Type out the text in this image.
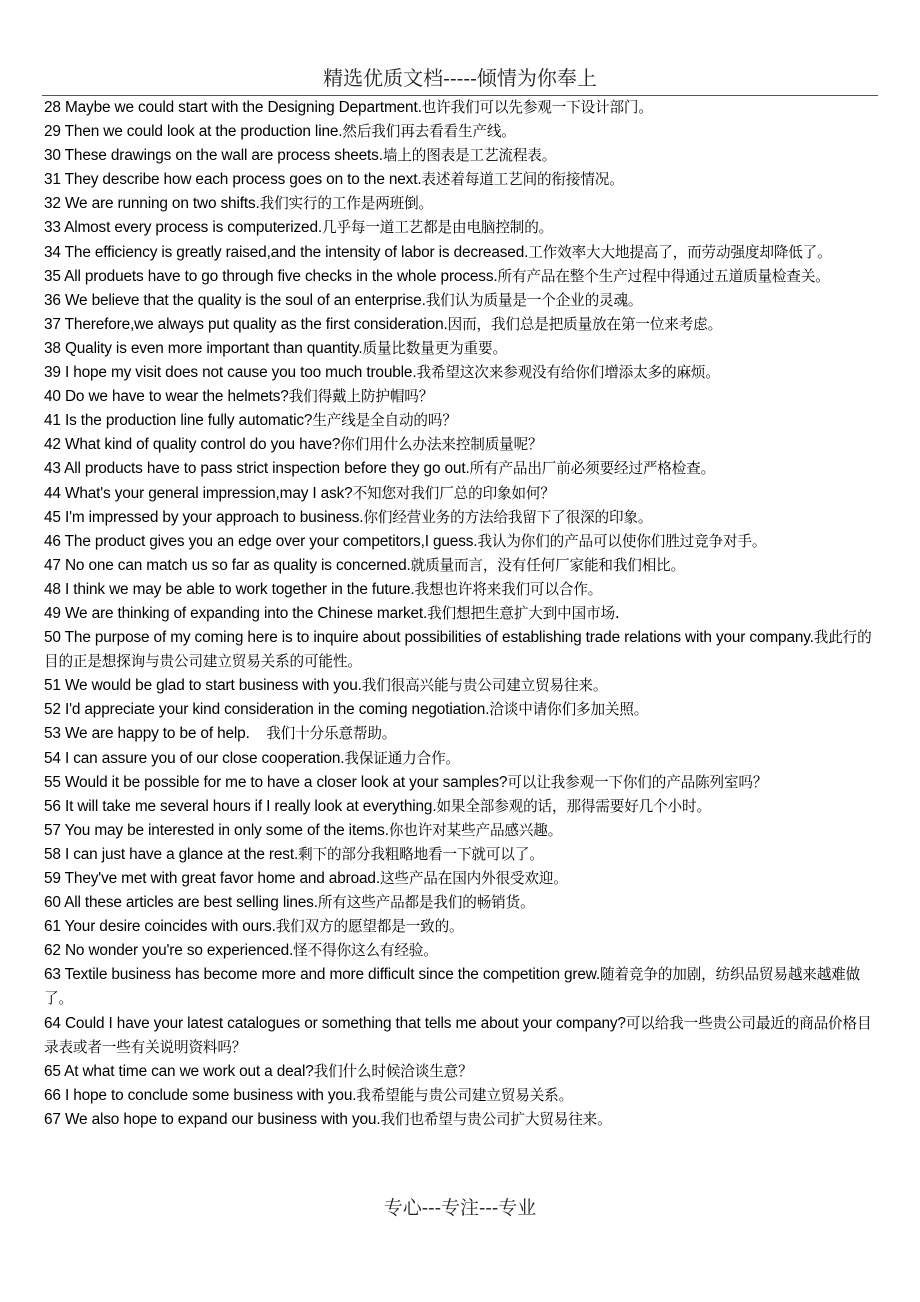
精选优质文档-----倾情为你奉上

28 Maybe we could start with the Designing Department.也许我们可以先参观一下设计部门。

29 Then we could look at the production line.然后我们再去看看生产线。

30 These drawings on the wall are process sheets.墙上的图表是工艺流程表。

31 They describe how each process goes on to the next.表述着每道工艺间的衔接情况。

32 We are running on two shifts.我们实行的工作是两班倒。

33 Almost every process is computerized.几乎每一道工艺都是由电脑控制的。

34 The efficiency is greatly raised,and the intensity of labor is decreased.工作效率大大地提高了，而劳动强度却降低了。

35 All produets have to go through five checks in the whole process.所有产品在整个生产过程中得通过五道质量检查关。

36 We believe that the quality is the soul of an enterprise.我们认为质量是一个企业的灵魂。

37 Therefore,we always put quality as the first consideration.因而，我们总是把质量放在第一位来考虑。

38 Quality is even more important than quantity.质量比数量更为重要。

39 I hope my visit does not cause you too much trouble.我希望这次来参观没有给你们增添太多的麻烦。

40 Do we have to wear the helmets?我们得戴上防护帽吗？

41 Is the production line fully automatic?生产线是全自动的吗？

42 What kind of quality control do you have?你们用什么办法来控制质量呢？

43 All products have to pass strict inspection before they go out.所有产品出厂前必须要经过严格检查。

44 What's your general impression,may I ask?不知您对我们厂总的印象如何？

45 I'm impressed by your approach to business.你们经营业务的方法给我留下了很深的印象。

46 The product gives you an edge over your competitors,I guess.我认为你们的产品可以使你们胜过竞争对手。

47 No one can match us so far as quality is concerned.就质量而言，没有任何厂家能和我们相比。

48 I think we may be able to work together in the future.我想也许将来我们可以合作。

49 We are thinking of expanding into the Chinese market.我们想把生意扩大到中国市场.

50 The purpose of my coming here is to inquire about possibilities of establishing trade relations with your company.我此行的目的正是想探询与贵公司建立贸易关系的可能性。

51 We would be glad to start business with you.我们很高兴能与贵公司建立贸易往来。

52 I'd appreciate your kind consideration in the coming negotiation.洽谈中请你们多加关照。

53 We are happy to be of help.    我们十分乐意帮助。

54 I can assure you of our close cooperation.我保证通力合作。

55 Would it be possible for me to have a closer look at your samples?可以让我参观一下你们的产品陈列室吗？

56 It will take me several hours if I really look at everything.如果全部参观的话，那得需要好几个小时。

57 You may be interested in only some of the items.你也许对某些产品感兴趣。

58 I can just have a glance at the rest.剩下的部分我粗略地看一下就可以了。

59 They've met with great favor home and abroad.这些产品在国内外很受欢迎。

60 All these articles are best selling lines.所有这些产品都是我们的畅销货。

61 Your desire coincides with ours.我们双方的愿望都是一致的。

62 No wonder you're so experienced.怪不得你这么有经验。

63 Textile business has become more and more difficult since the competition grew.随着竞争的加剧，纺织品贸易越来越难做了。

64 Could I have your latest catalogues or something that tells me about your company?可以给我一些贵公司最近的商品价格目录表或者一些有关说明资料吗？

65 At what time can we work out a deal?我们什么时候洽谈生意？

66 I hope to conclude some business with you.我希望能与贵公司建立贸易关系。

67 We also hope to expand our business with you.我们也希望与贵公司扩大贸易往来。

专心---专注---专业
